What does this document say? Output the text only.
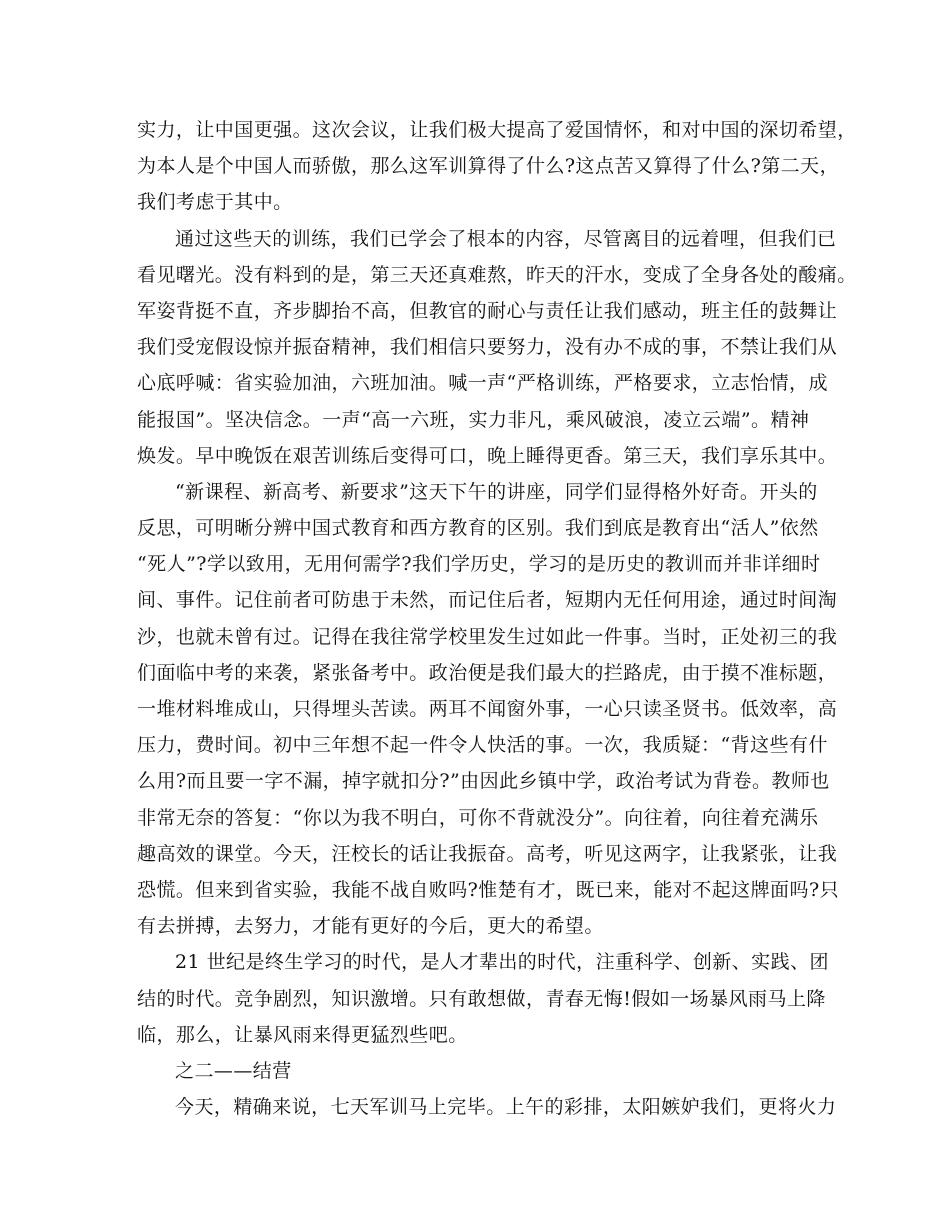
实力，让中国更强。这次会议，让我们极大提高了爱国情怀，和对中国的深切希望，
为本人是个中国人而骄傲，那么这军训算得了什么?这点苦又算得了什么?第二天，
我们考虑于其中。
通过这些天的训练，我们已学会了根本的内容，尽管离目的远着哩，但我们已
看见曙光。没有料到的是，第三天还真难熬，昨天的汗水，变成了全身各处的酸痛。
军姿背挺不直，齐步脚抬不高，但教官的耐心与责任让我们感动，班主任的鼓舞让
我们受宠假设惊并振奋精神，我们相信只要努力，没有办不成的事，不禁让我们从
心底呼喊：省实验加油，六班加油。喊一声“严格训练，严格要求，立志怡情，成
能报国”。坚决信念。一声“高一六班，实力非凡，乘风破浪，凌立云端”。精神
焕发。早中晚饭在艰苦训练后变得可口，晚上睡得更香。第三天，我们享乐其中。
“新课程、新高考、新要求”这天下午的讲座，同学们显得格外好奇。开头的
反思，可明晰分辨中国式教育和西方教育的区别。我们到底是教育出“活人”依然
“死人”?学以致用，无用何需学?我们学历史，学习的是历史的教训而并非详细时
间、事件。记住前者可防患于未然，而记住后者，短期内无任何用途，通过时间淘
沙，也就未曾有过。记得在我往常学校里发生过如此一件事。当时，正处初三的我
们面临中考的来袭，紧张备考中。政治便是我们最大的拦路虎，由于摸不准标题，
一堆材料堆成山，只得埋头苦读。两耳不闻窗外事，一心只读圣贤书。低效率，高
压力，费时间。初中三年想不起一件令人快活的事。一次，我质疑：“背这些有什
么用?而且要一字不漏，掉字就扣分?”由因此乡镇中学，政治考试为背卷。教师也
非常无奈的答复：“你以为我不明白，可你不背就没分”。向往着，向往着充满乐
趣高效的课堂。今天，汪校长的话让我振奋。高考，听见这两字，让我紧张，让我
恐慌。但来到省实验，我能不战自败吗?惟楚有才，既已来，能对不起这牌面吗?只
有去拼搏，去努力，才能有更好的今后，更大的希望。
21 世纪是终生学习的时代，是人才辈出的时代，注重科学、创新、实践、团
结的时代。竞争剧烈，知识激增。只有敢想做，青春无悔!假如一场暴风雨马上降
临，那么，让暴风雨来得更猛烈些吧。
之二——结营
今天，精确来说，七天军训马上完毕。上午的彩排，太阳嫉妒我们，更将火力
